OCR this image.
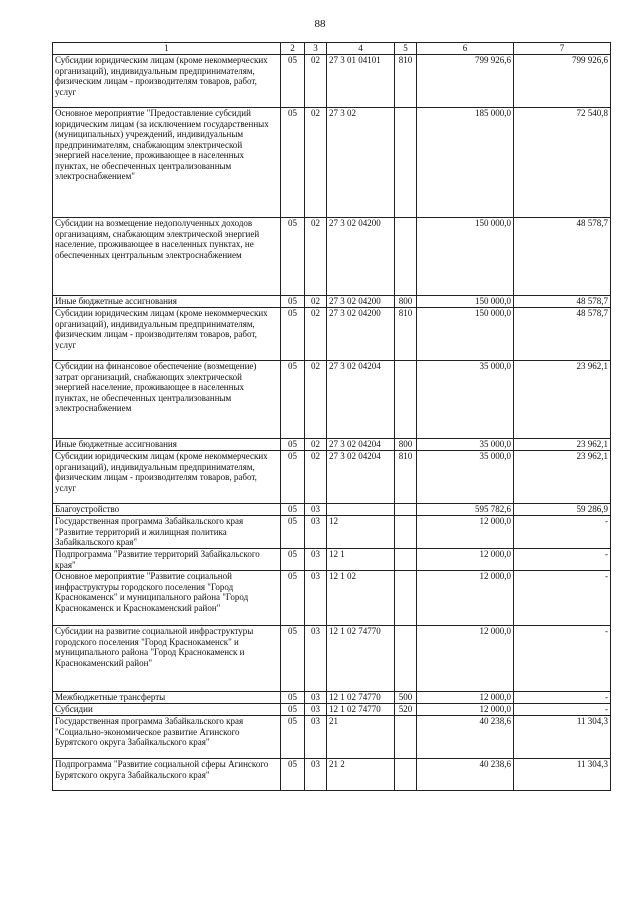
88
1	2	3	4	5	6	7
Субсидии юридическим лицам (кроме некоммерческих организаций), индивидуальным предпринимателям, физическим лицам - производителям товаров, работ, услуг	05	02	27 3 01 04101	810	799 926,6	799 926,6
Основное мероприятие "Предоставление субсидий юридическим лицам (за исключением государственных (муниципальных) учреждений, индивидуальным предпринимателям, снабжающим электрической энергией население, проживающее в населенных пунктах, не обеспеченных централизованным электроснабжением"	05	02	27 3 02		185 000,0	72 540,8
Субсидии на возмещение недополученных доходов организациям, снабжающим электрической энергией население, проживающее в населенных пунктах, не обеспеченных центральным электроснабжением	05	02	27 3 02 04200		150 000,0	48 578,7
Иные бюджетные ассигнования	05	02	27 3 02 04200	800	150 000,0	48 578,7
Субсидии юридическим лицам (кроме некоммерческих организаций), индивидуальным предпринимателям, физическим лицам - производителям товаров, работ, услуг	05	02	27 3 02 04200	810	150 000,0	48 578,7
Субсидии на финансовое обеспечение (возмещение) затрат организаций, снабжающих электрической энергией население, проживающее в населенных пунктах, не обеспеченных централизованным электроснабжением	05	02	27 3 02 04204		35 000,0	23 962,1
Иные бюджетные ассигнования	05	02	27 3 02 04204	800	35 000,0	23 962,1
Субсидии юридическим лицам (кроме некоммерческих организаций), индивидуальным предпринимателям, физическим лицам - производителям товаров, работ, услуг	05	02	27 3 02 04204	810	35 000,0	23 962,1
Благоустройство	05	03			595 782,6	59 286,9
Государственная программа Забайкальского края "Развитие территорий и жилищная политика Забайкальского края"	05	03	12		12 000,0	-
Подпрограмма "Развитие территорий Забайкальского края"	05	03	12 1		12 000,0	-
Основное мероприятие "Развитие социальной инфраструктуры городского поселения "Город Краснокаменск" и муниципального района "Город Краснокаменск и Краснокаменский район"	05	03	12 1 02		12 000,0	-
Субсидии на развитие социальной инфраструктуры городского поселения "Город Краснокаменск" и муниципального района "Город Краснокаменск и Краснокаменский район"	05	03	12 1 02 74770		12 000,0	-
Межбюджетные трансферты	05	03	12 1 02 74770	500	12 000,0	-
Субсидии	05	03	12 1 02 74770	520	12 000,0	-
Государственная программа Забайкальского края "Социально-экономическое развитие Агинского Бурятского округа Забайкальского края"	05	03	21		40 238,6	11 304,3
Подпрограмма "Развитие социальной сферы Агинского Бурятского округа Забайкальского края"	05	03	21 2		40 238,6	11 304,3
